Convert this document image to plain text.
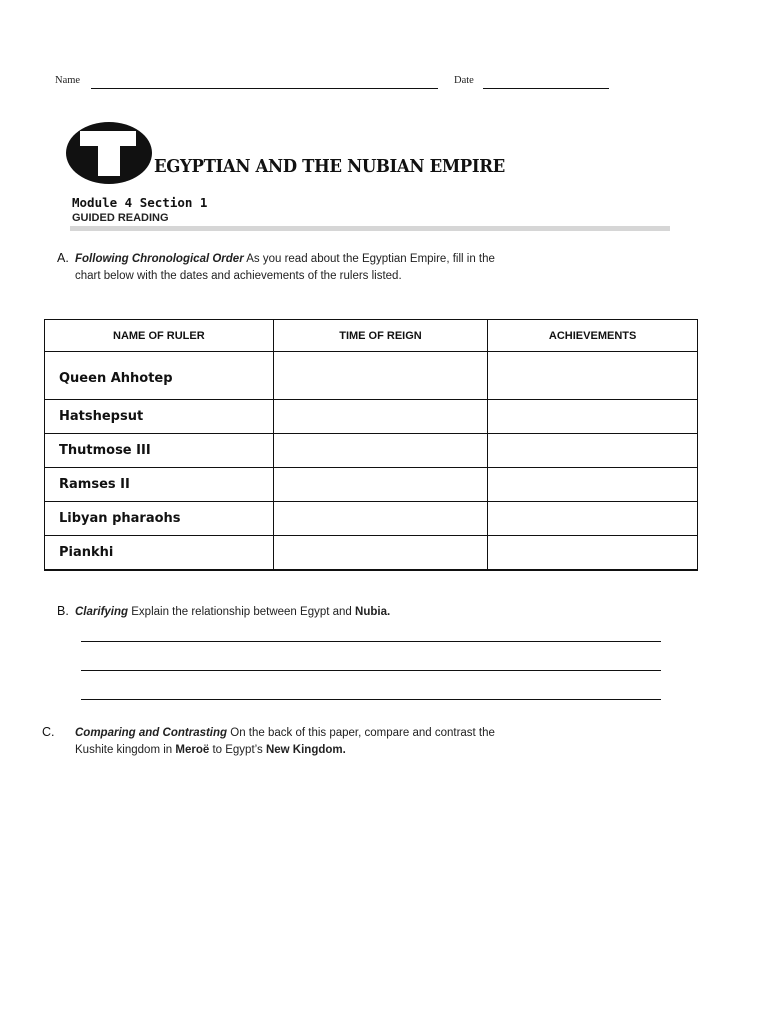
Name	Date
EGYPTIAN AND THE NUBIAN EMPIRE
Module 4 Section 1
GUIDED READING
A. Following Chronological Order As you read about the Egyptian Empire, fill in the
chart below with the dates and achievements of the rulers listed.
NAME OF RULER	TIME OF REIGN	ACHIEVEMENTS
Queen Ahhotep		
Hatshepsut		
Thutmose III		
Ramses II		
Libyan pharaohs		
Piankhi		
B. Clarifying Explain the relationship between Egypt and Nubia.
C. Comparing and Contrasting On the back of this paper, compare and contrast the
Kushite kingdom in Meroë to Egypt’s New Kingdom.
